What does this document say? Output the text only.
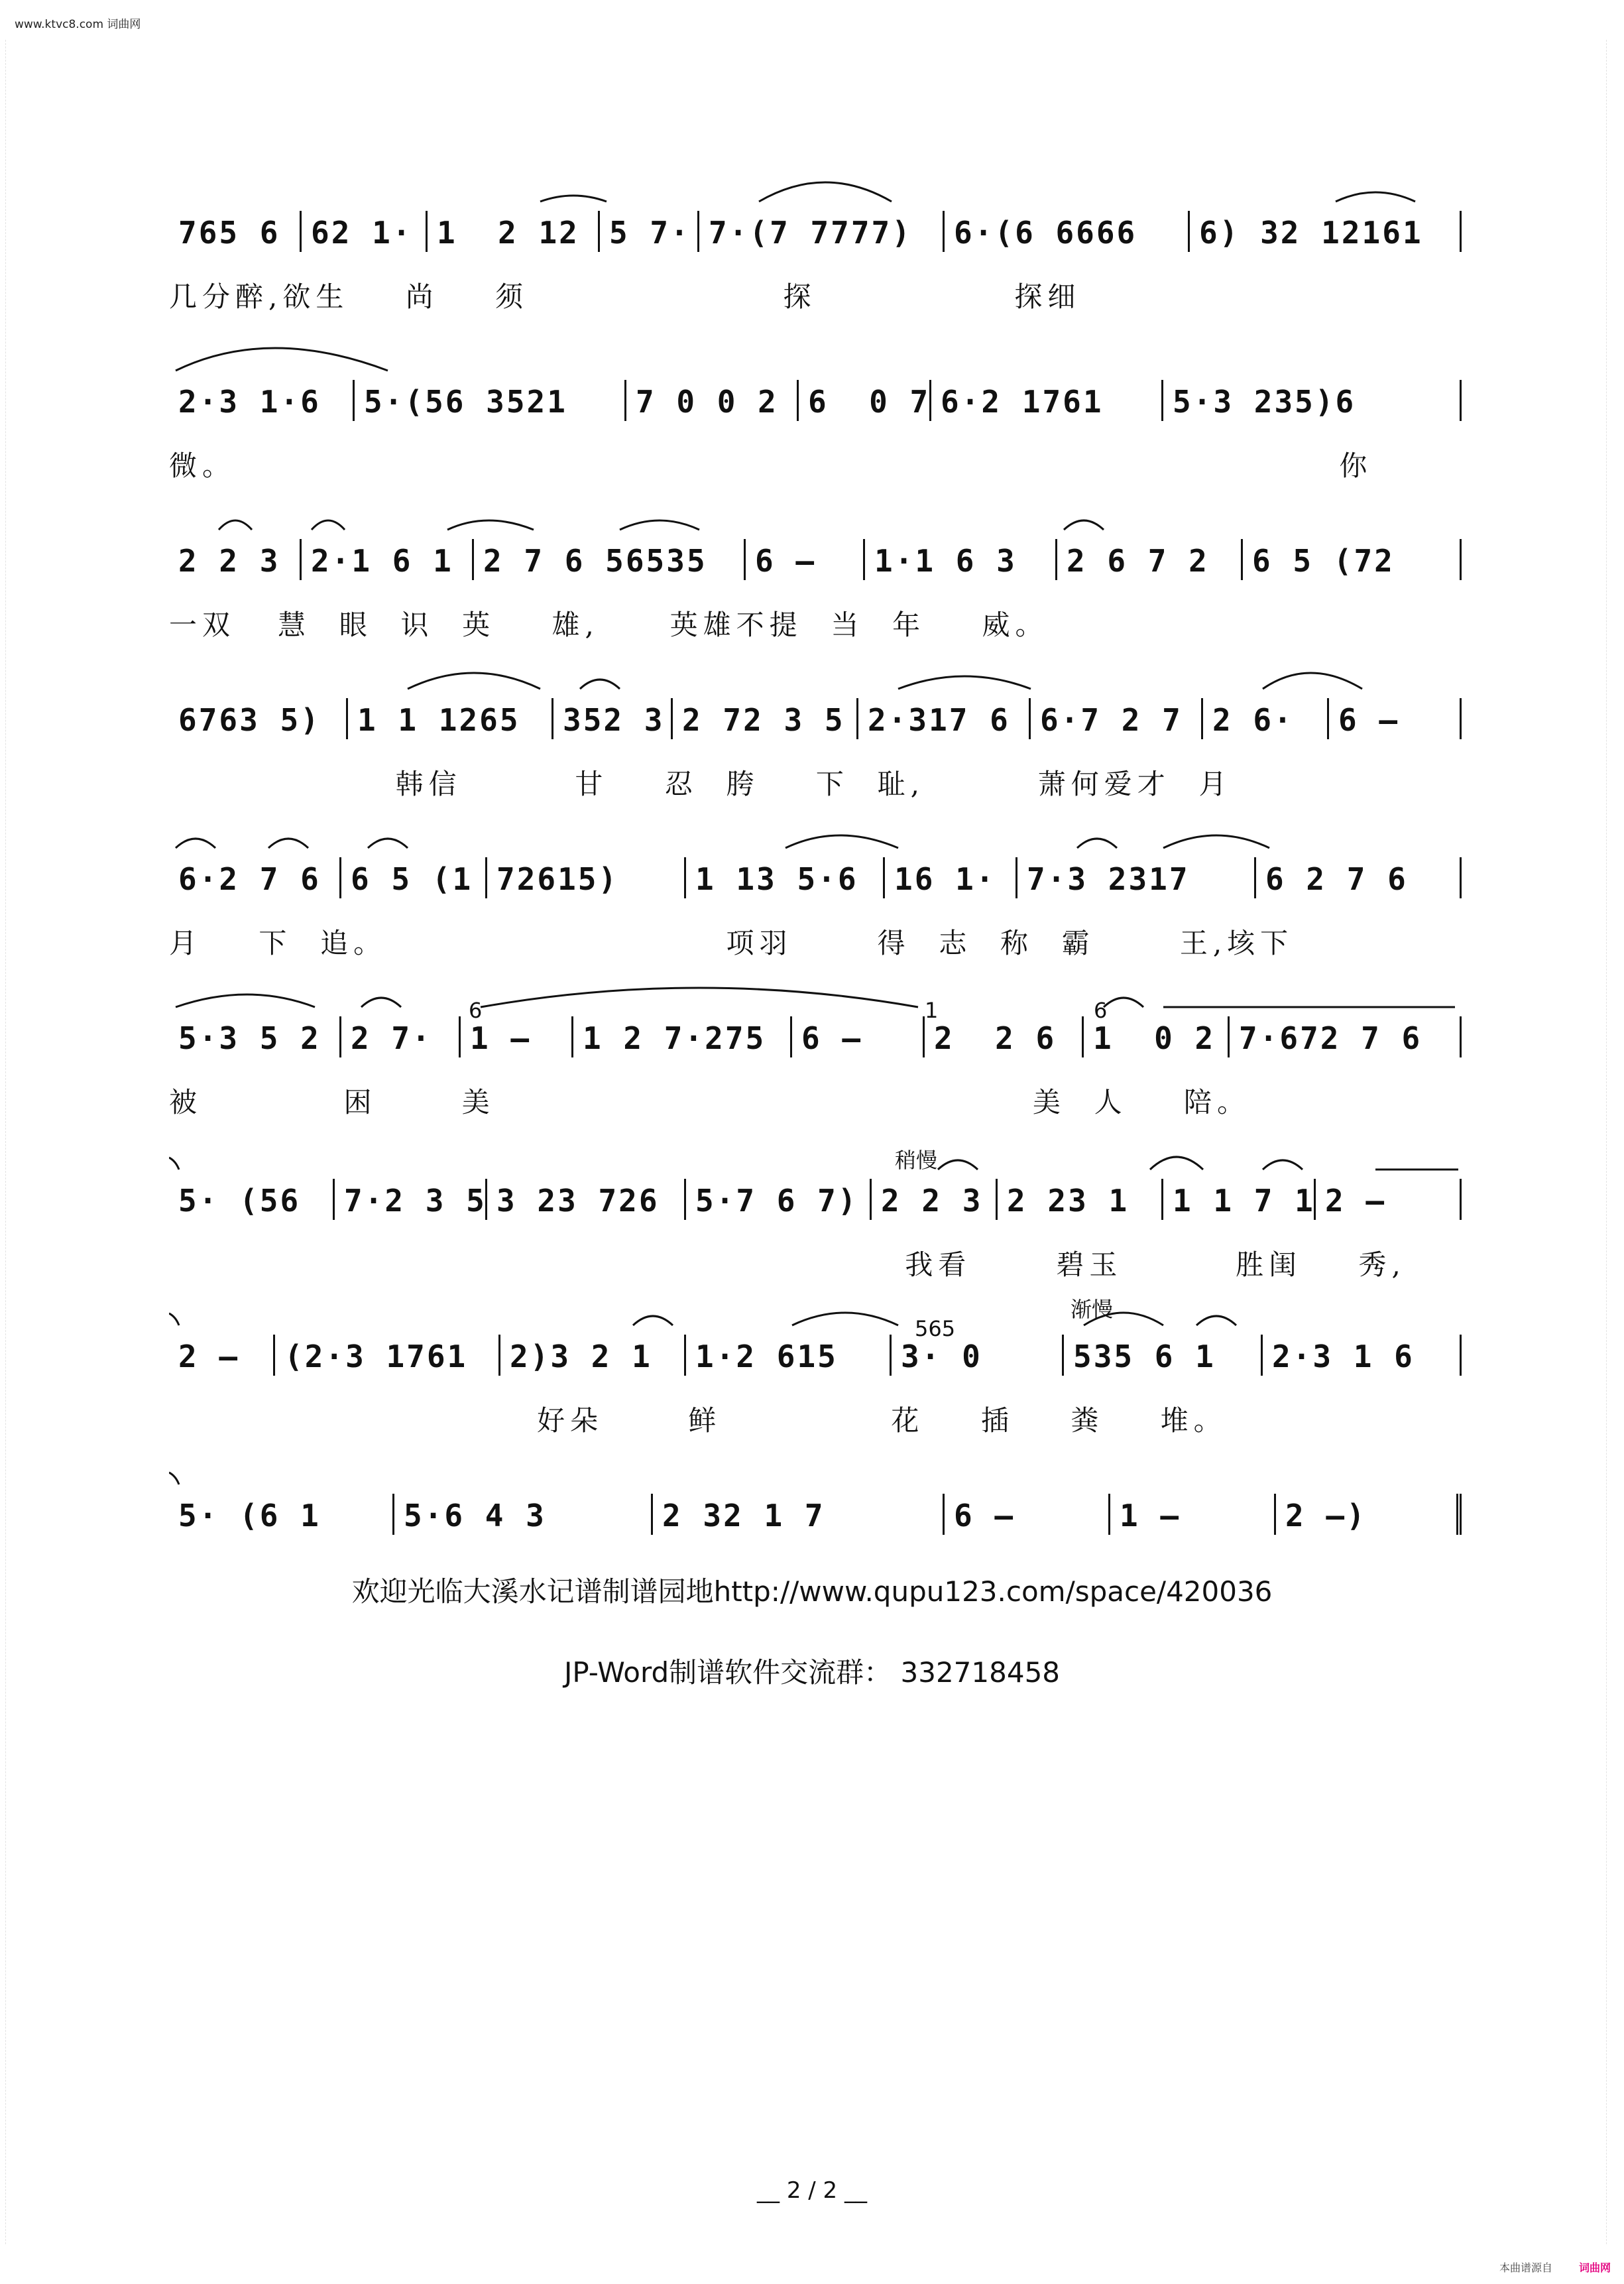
www.ktvc8.com 词曲网
765 6 62 1· 1  2 12 5 7· 7·(7 7777) 6·(6 6666 6) 32 12161
几分醉,欲生    尚    须                  探              探细
2·3 1·6 5·(56 3521 7 0 0 2 6  0 7 6·2 1761 5·3 235)6
微。                                                                              你
2 2 3 2·1 6 1 2 7 6 56535 6 – 1·1 6 3 2 6 7 2 6 5 (72
一双   慧  眼  识  英    雄,     英雄不提  当  年    威。
6763 5) 1 1 1265 352 3 2 72 3 5 2·317 6 6·7 2 7 2 6· 6 –
韩信        甘    忍  胯    下  耻,        萧何爱才  月
6·2 7 6 6 5 (1 72615)	1 13 5·6 16 1· 7·3 2317 6 2 7 6
月    下  追。                        项羽      得  志  称  霸      王,垓下
6	1	6
5·3 5 2 2 7· 1 – 1 2 7·275 6 – 2  2 6 1  0 2 7·672 7 6
被          困      美                                      美  人    陪。
稍慢
5· (56 7·2 3 5 3 23 726 5·7 6 7) 2 2 3 2 23 1 1 1 7 1 2 –
我看      碧玉        胜闺    秀,
渐慢
565
2 – (2·3 1761 2)3 2 1 1·2 615 3· 0	535 6 1 2·3 1 6
好朵      鲜            花    插    粪    堆。
5· (6 1	5·6 4 3	2 32 1 7	6 –	1 –	2 –)
欢迎光临大溪水记谱制谱园地http://www.qupu123.com/space/420036
JP-Word制谱软件交流群： 332718458
__ 2 / 2 __
本曲谱源自	词曲网
